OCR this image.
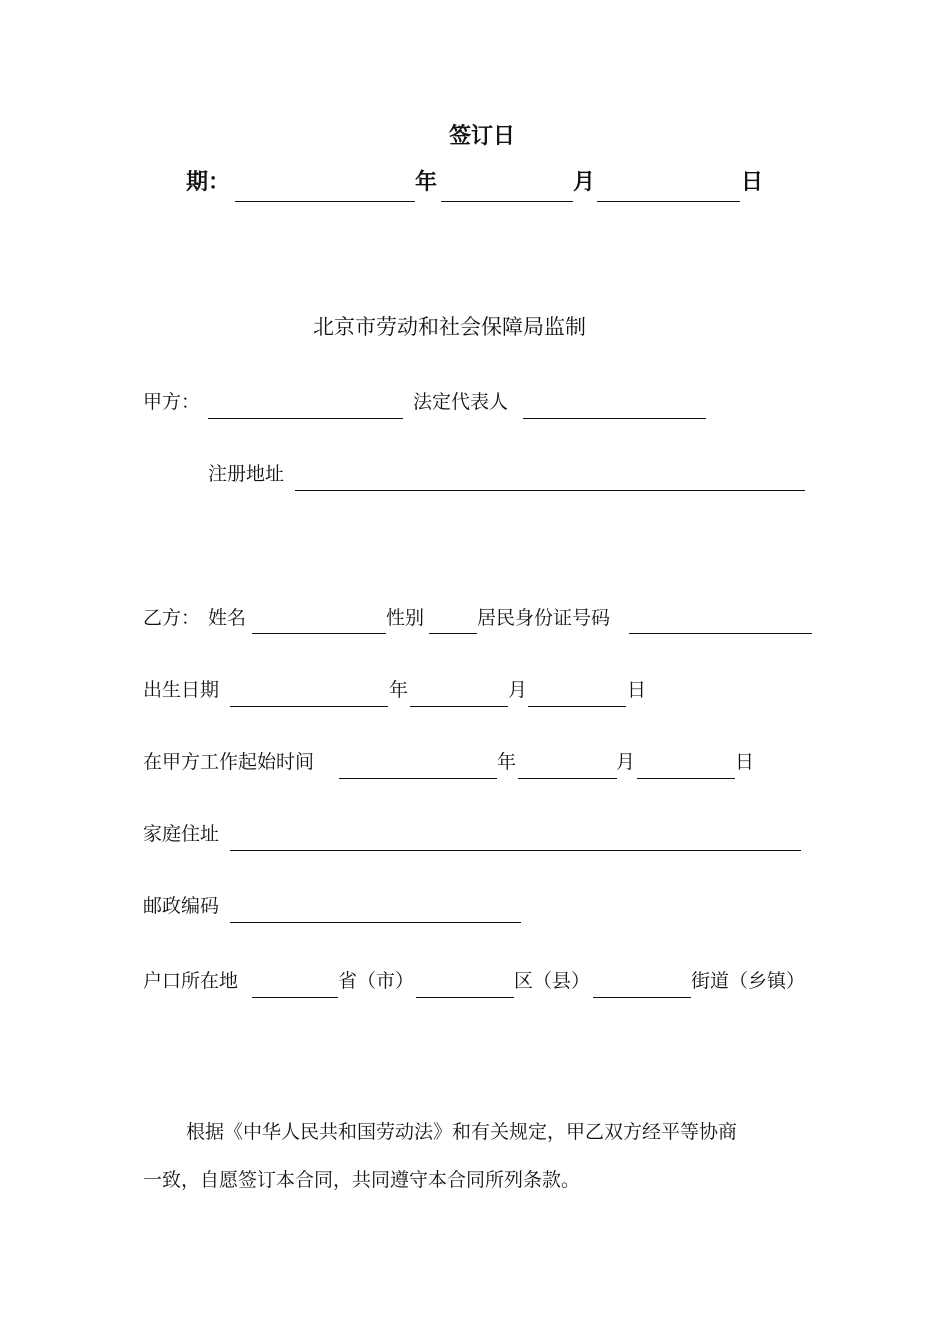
签订日
期：	年	月	日
北京市劳动和社会保障局监制
甲方：	法定代表人
注册地址
乙方： 姓名	性别	居民身份证号码
出生日期	年	月	日
在甲方工作起始时间	年	月	日
家庭住址
邮政编码
户口所在地	省（市）	区（县）	街道（乡镇）
根据《中华人民共和国劳动法》和有关规定，甲乙双方经平等协商
一致，自愿签订本合同，共同遵守本合同所列条款。
